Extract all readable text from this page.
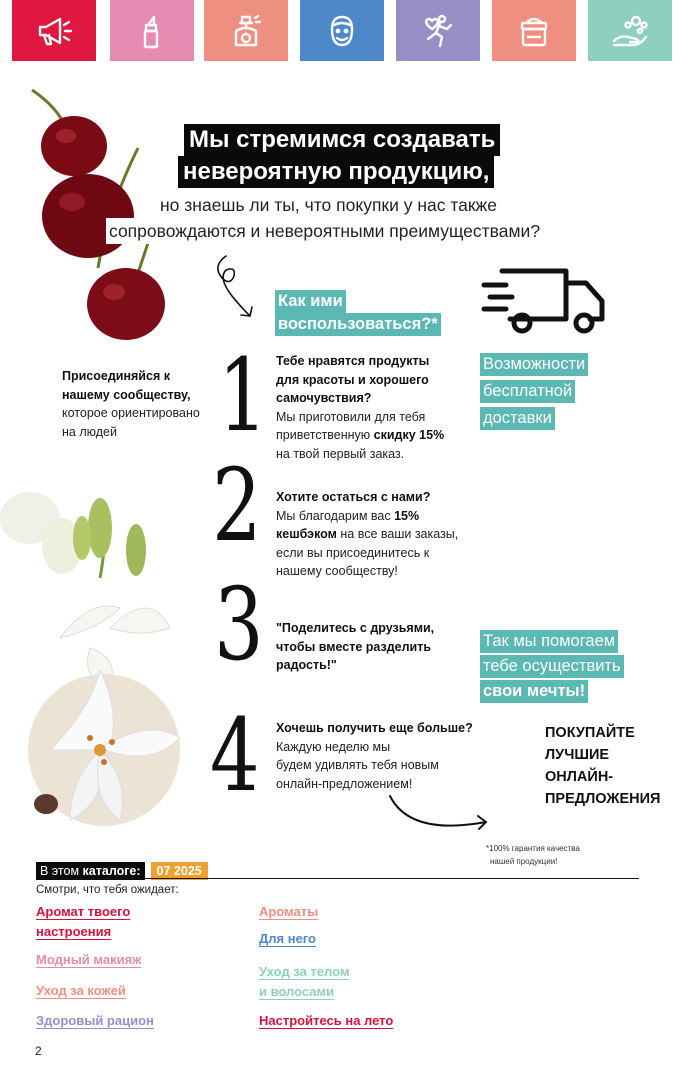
Мы стремимся создавать
невероятную продукцию,
но знаешь ли ты, что покупки у нас также
сопровождаются и невероятными преимуществами?
Как ими
воспользоваться?*
Возможности
бесплатной
доставки
Присоединяйся к
нашему сообществу,
которое ориентировано
на людей	1 Тебе нравятся продукты
для красоты и хорошего
самочувствия?
Мы приготовили для тебя
приветственную скидку 15%
на твой первый заказ.
2 Хотите остаться с нами?
Мы благодарим вас 15%
кешбэком на все ваши заказы,
если вы присоединитесь к
нашему сообществу!
3 "Поделитесь с друзьями,
чтобы вместе разделить
радость!"
Так мы помогаем
тебе осуществить
свои мечты!
4 Хочешь получить еще больше?
Каждую неделю мы
будем удивлять тебя новым
онлайн-предложением!
ПОКУПАЙТЕ
ЛУЧШИЕ
ОНЛАЙН-
ПРЕДЛОЖЕНИЯ
*100% гарантия качества
нашей продукции!
В этом каталоге:	07 2025
Смотри, что тебя ожидает:
Аромат твоего
настроения
Модный макияж
Уход за кожей
Здоровый рацион
Ароматы
Для него
Уход за телом
и волосами
Настройтесь на лето
2
